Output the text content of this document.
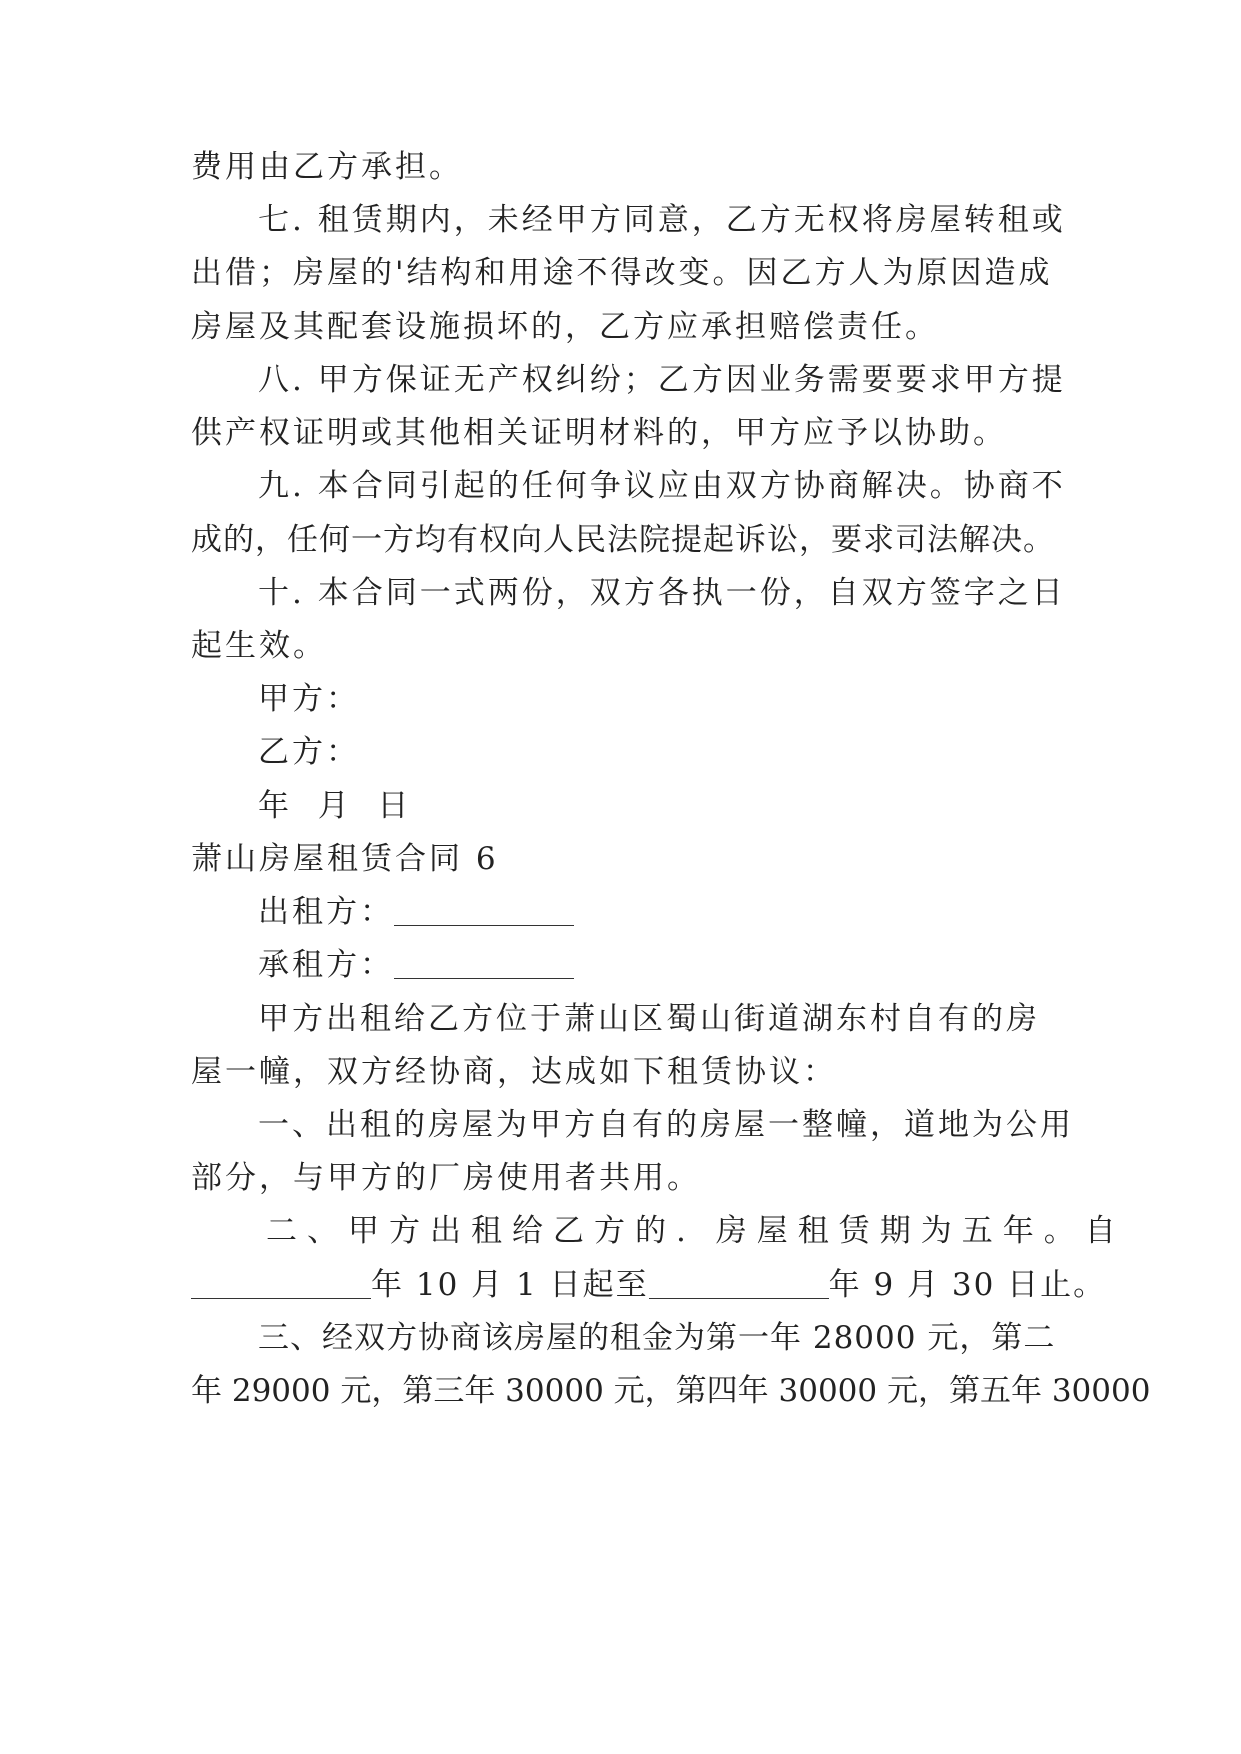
费用由乙方承担。
七. 租赁期内，未经甲方同意，乙方无权将房屋转租或
出借；房屋的'结构和用途不得改变。因乙方人为原因造成
房屋及其配套设施损坏的，乙方应承担赔偿责任。
八. 甲方保证无产权纠纷；乙方因业务需要要求甲方提
供产权证明或其他相关证明材料的，甲方应予以协助。
九. 本合同引起的任何争议应由双方协商解决。协商不
成的，任何一方均有权向人民法院提起诉讼，要求司法解决。
十. 本合同一式两份，双方各执一份，自双方签字之日
起生效。
甲方：
乙方：
年  月  日
萧山房屋租赁合同 6
出租方：
承租方：
甲方出租给乙方位于萧山区蜀山街道湖东村自有的房
屋一幢，双方经协商，达成如下租赁协议：
一、出租的房屋为甲方自有的房屋一整幢，道地为公用
部分，与甲方的厂房使用者共用。
二、甲方出租给乙方的. 房屋租赁期为五年。自
年 10 月 1 日起至	年 9 月 30 日止。
三、经双方协商该房屋的租金为第一年 28000 元，第二
年 29000 元，第三年 30000 元，第四年 30000 元，第五年 30000
